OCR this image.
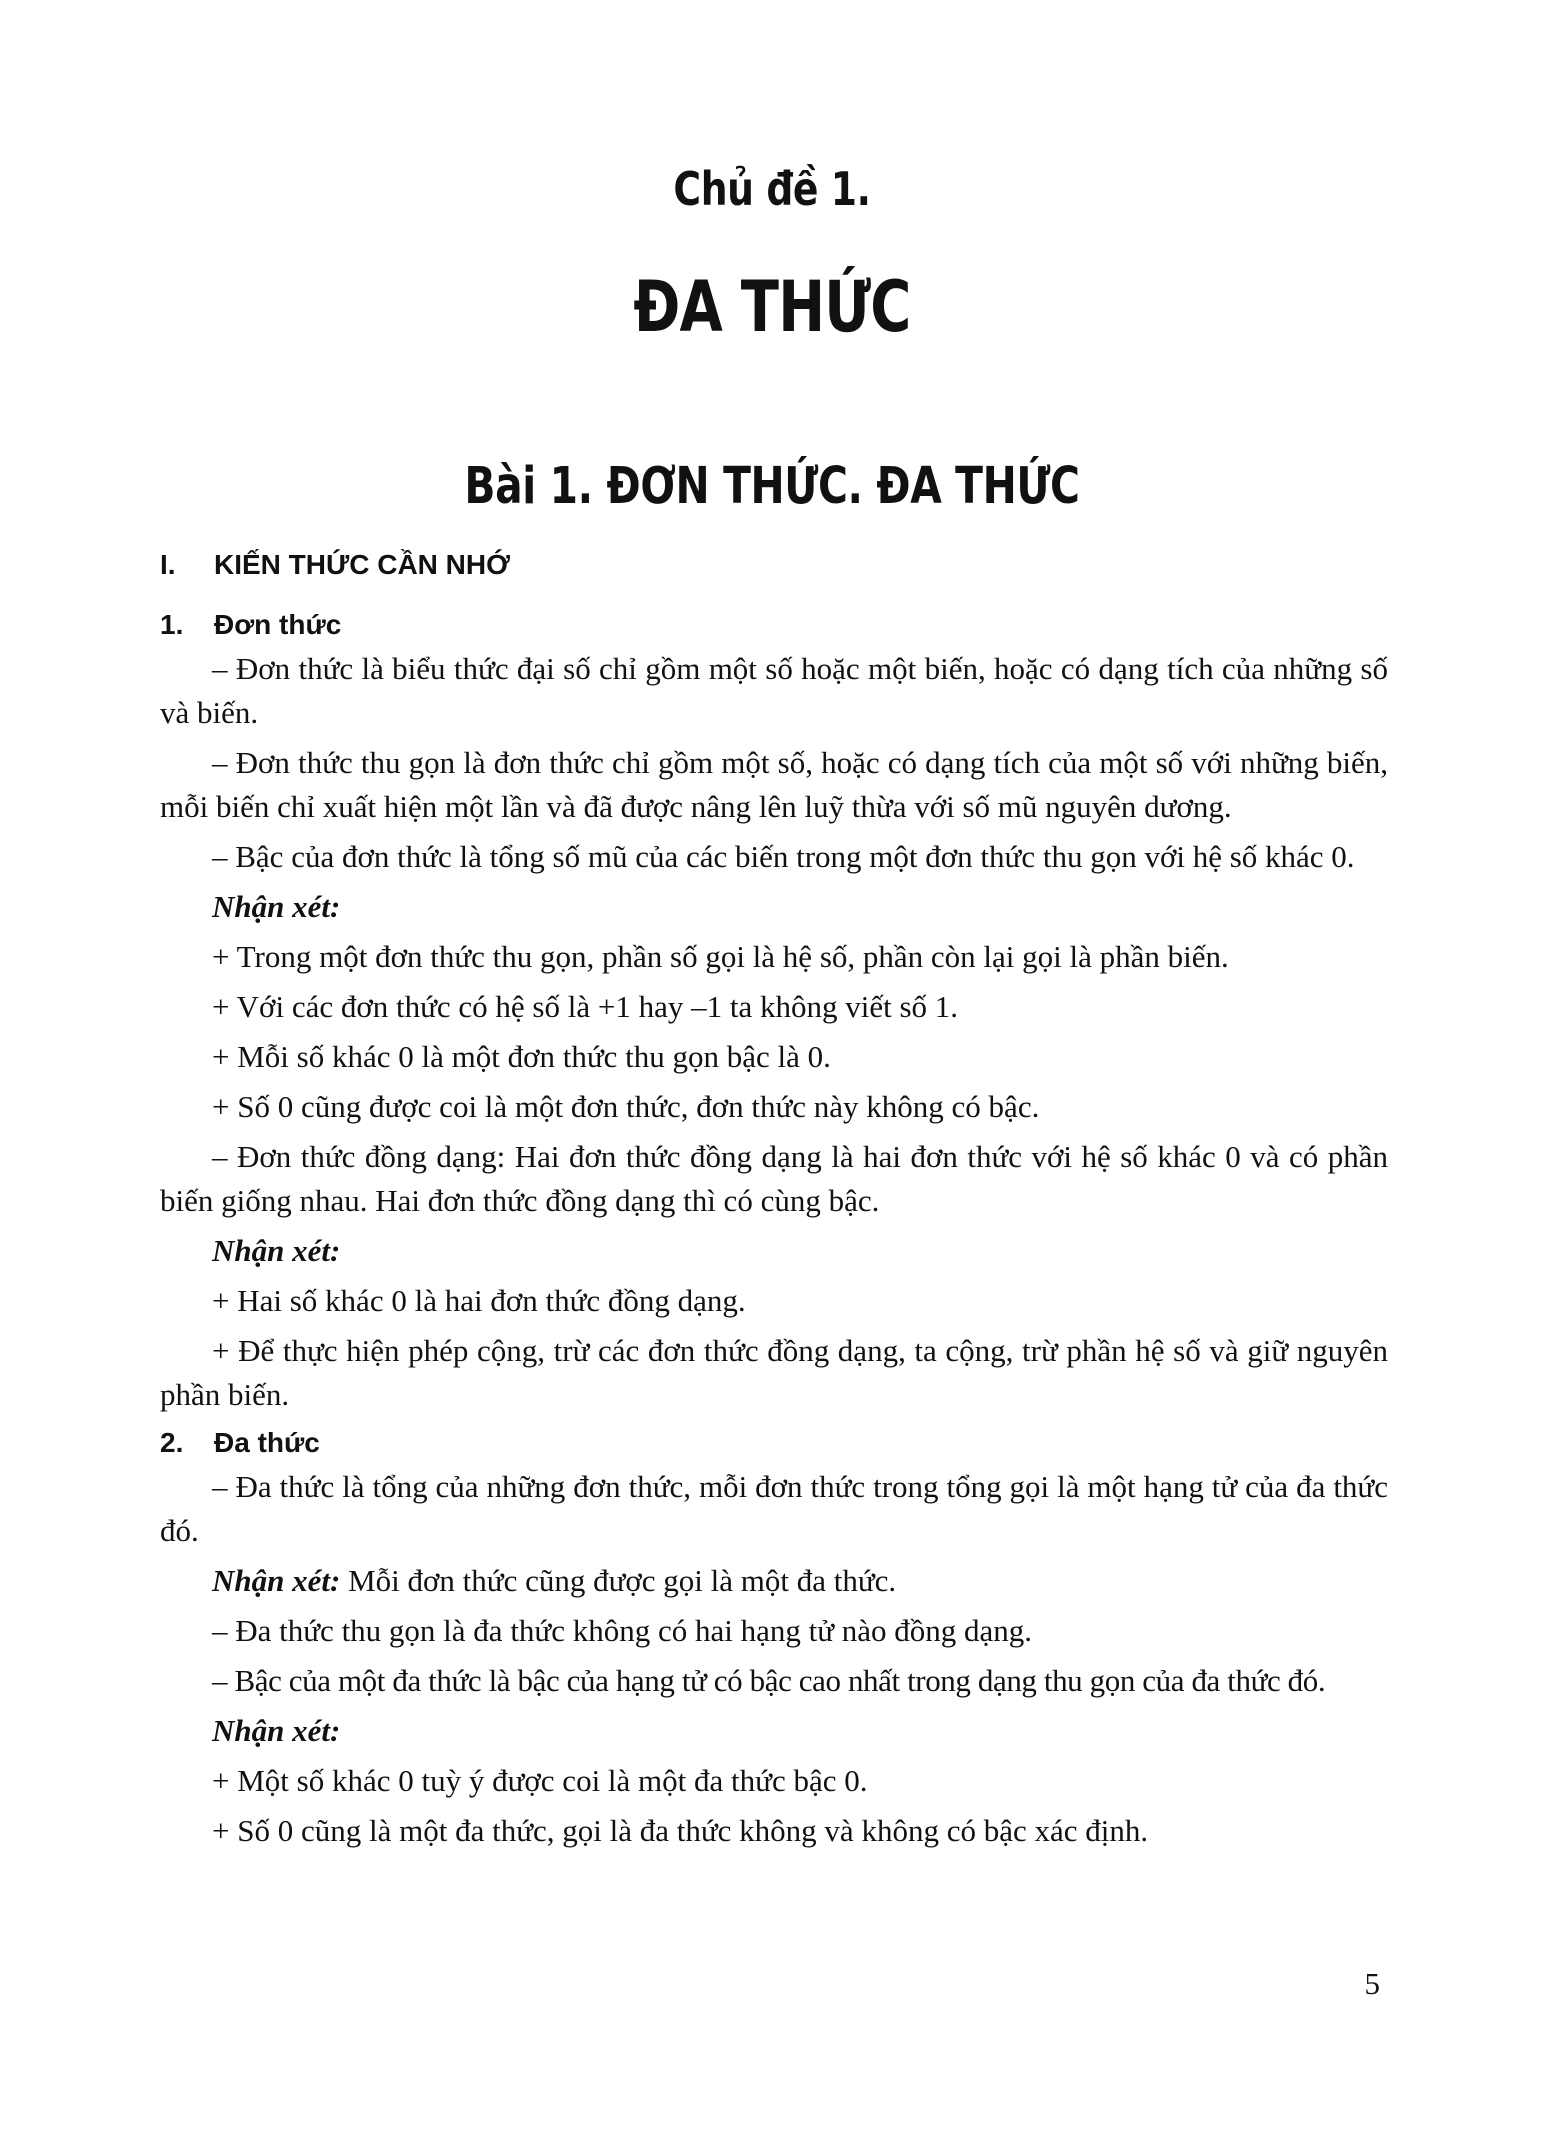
Chủ đề 1.
ĐA THỨC
Bài 1. ĐƠN THỨC. ĐA THỨC
I.	KIẾN THỨC CẦN NHỚ
1.	Đơn thức

– Đơn thức là biểu thức đại số chỉ gồm một số hoặc một biến, hoặc có dạng tích của những số và biến.

– Đơn thức thu gọn là đơn thức chỉ gồm một số, hoặc có dạng tích của một số với những biến, mỗi biến chỉ xuất hiện một lần và đã được nâng lên luỹ thừa với số mũ nguyên dương.

– Bậc của đơn thức là tổng số mũ của các biến trong một đơn thức thu gọn với hệ số khác 0.

Nhận xét:

+ Trong một đơn thức thu gọn, phần số gọi là hệ số, phần còn lại gọi là phần biến.

+ Với các đơn thức có hệ số là +1 hay –1 ta không viết số 1.

+ Mỗi số khác 0 là một đơn thức thu gọn bậc là 0.

+ Số 0 cũng được coi là một đơn thức, đơn thức này không có bậc.

– Đơn thức đồng dạng: Hai đơn thức đồng dạng là hai đơn thức với hệ số khác 0 và có phần biến giống nhau. Hai đơn thức đồng dạng thì có cùng bậc.

Nhận xét:

+ Hai số khác 0 là hai đơn thức đồng dạng.

+ Để thực hiện phép cộng, trừ các đơn thức đồng dạng, ta cộng, trừ phần hệ số và giữ nguyên phần biến.

2.	Đa thức

– Đa thức là tổng của những đơn thức, mỗi đơn thức trong tổng gọi là một hạng tử của đa thức đó.

Nhận xét: Mỗi đơn thức cũng được gọi là một đa thức.

– Đa thức thu gọn là đa thức không có hai hạng tử nào đồng dạng.

– Bậc của một đa thức là bậc của hạng tử có bậc cao nhất trong dạng thu gọn của đa thức đó.

Nhận xét:

+ Một số khác 0 tuỳ ý được coi là một đa thức bậc 0.

+ Số 0 cũng là một đa thức, gọi là đa thức không và không có bậc xác định.

5
